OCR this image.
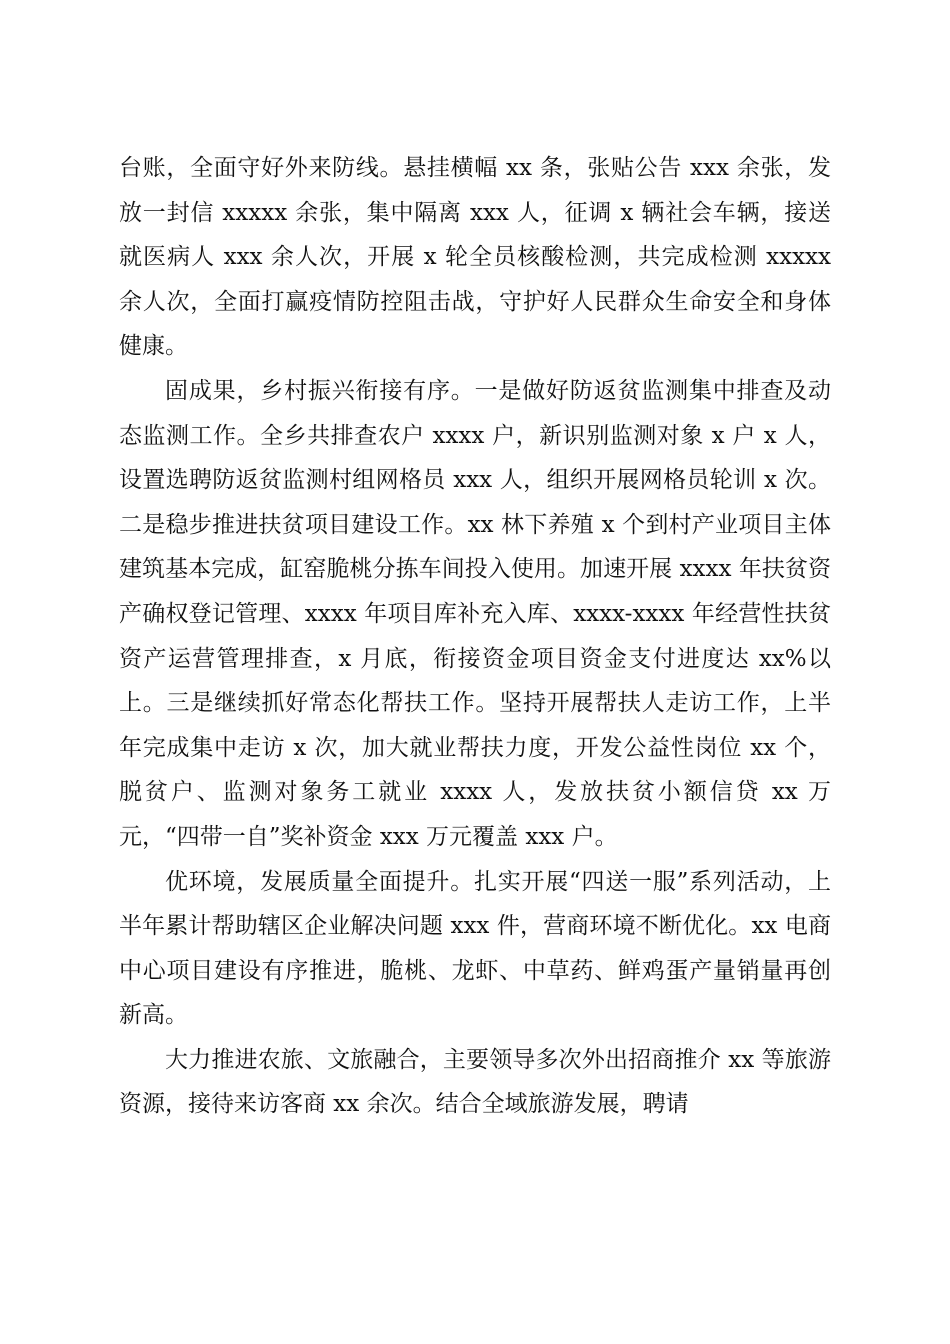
台账，全面守好外来防线。悬挂横幅 xx 条，张贴公告 xxx 余张，发放一封信 xxxxx 余张，集中隔离 xxx 人，征调 x 辆社会车辆，接送就医病人 xxx 余人次，开展 x 轮全员核酸检测，共完成检测 xxxxx 余人次，全面打赢疫情防控阻击战，守护好人民群众生命安全和身体健康。

固成果，乡村振兴衔接有序。一是做好防返贫监测集中排查及动态监测工作。全乡共排查农户 xxxx 户，新识别监测对象 x 户 x 人，设置选聘防返贫监测村组网格员 xxx 人，组织开展网格员轮训 x 次。二是稳步推进扶贫项目建设工作。xx 林下养殖 x 个到村产业项目主体建筑基本完成，缸窑脆桃分拣车间投入使用。加速开展 xxxx 年扶贫资产确权登记管理、xxxx 年项目库补充入库、xxxx-xxxx 年经营性扶贫资产运营管理排查，x 月底，衔接资金项目资金支付进度达 xx%以上。三是继续抓好常态化帮扶工作。坚持开展帮扶人走访工作，上半年完成集中走访 x 次，加大就业帮扶力度，开发公益性岗位 xx 个，脱贫户、监测对象务工就业 xxxx 人，发放扶贫小额信贷 xx 万元，“四带一自”奖补资金 xxx 万元覆盖 xxx 户。

优环境，发展质量全面提升。扎实开展“四送一服”系列活动，上半年累计帮助辖区企业解决问题 xxx 件，营商环境不断优化。xx 电商中心项目建设有序推进，脆桃、龙虾、中草药、鲜鸡蛋产量销量再创新高。

大力推进农旅、文旅融合，主要领导多次外出招商推介 xx 等旅游资源，接待来访客商 xx 余次。结合全域旅游发展，聘请
